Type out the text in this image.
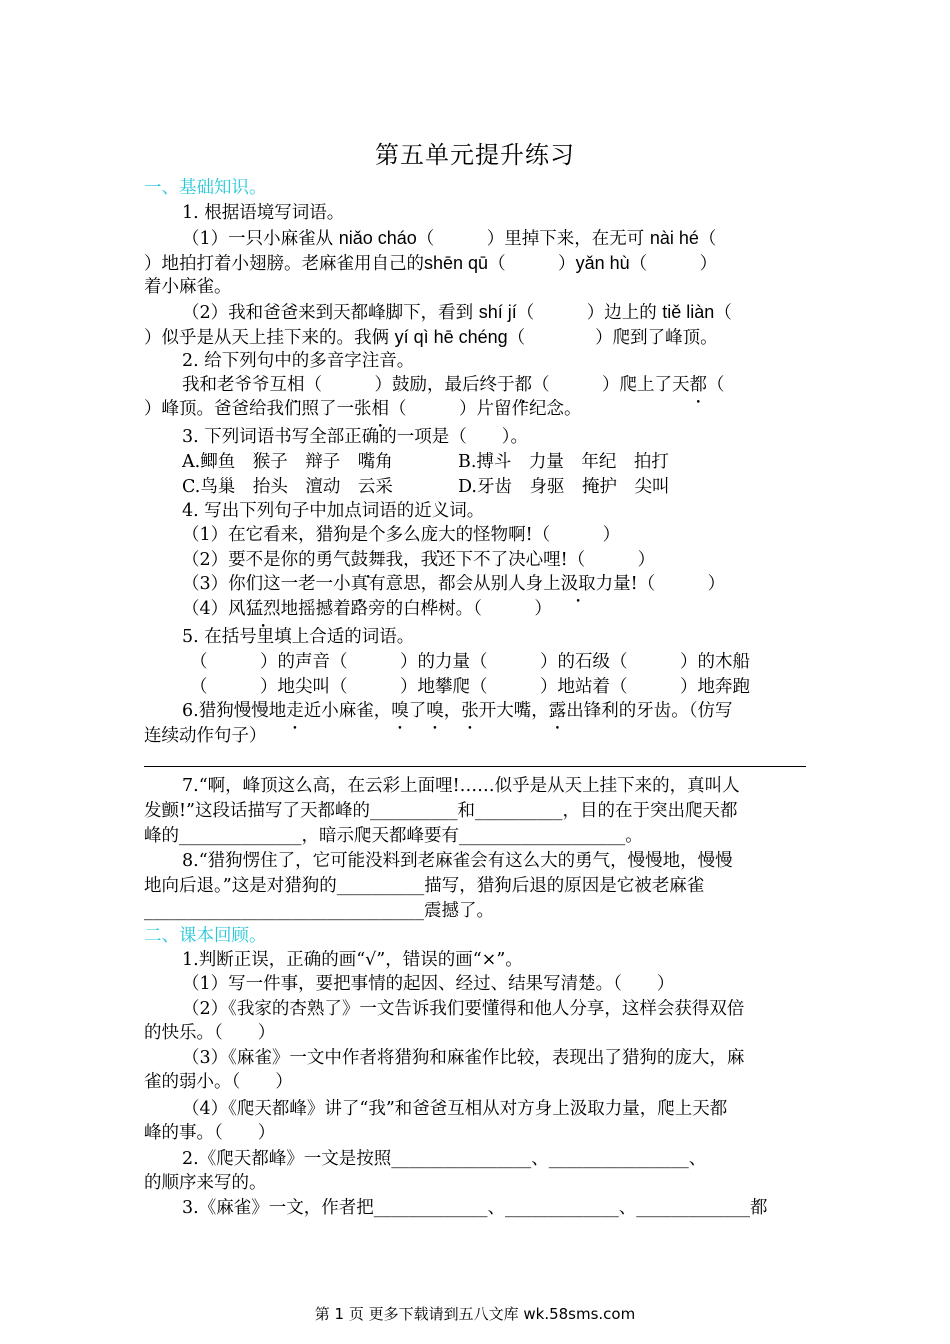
第五单元提升练习
一、基础知识。
1. 根据语境写词语。
（1）一只小麻雀从 niǎo cháo（　　　）里掉下来，在无可 nài hé（
）地拍打着小翅膀。老麻雀用自己的shēn qū（　　　）yǎn hù（　　　）
着小麻雀。
（2）我和爸爸来到天都峰脚下，看到 shí jí（　　　）边上的 tiě liàn（
）似乎是从天上挂下来的。我俩 yí qì hē chéng（　　　　）爬到了峰顶。
2. 给下列句中的多音字注音。
我和老爷爷互相（　　　）鼓励，最后终于都（　　　）爬上了天都（
）峰顶。爸爸给我们照了一张相（　　　）片留作纪念。
3. 下列词语书写全部正确的一项是（　　）。
A.鲫鱼　猴子　辩子　嘴角	B.搏斗　力量　年纪　拍打
C.鸟巢　抬头　澶动　云采	D.牙齿　身驱　掩护　尖叫
4. 写出下列句子中加点词语的近义词。
（1）在它看来，猎狗是个多么庞大的怪物啊!（　　　）
（2）要不是你的勇气鼓舞我，我还下不了决心哩!（　　　）
（3）你们这一老一小真有意思，都会从别人身上汲取力量!（　　　）
（4）风猛烈地摇撼着路旁的白桦树。（　　　）
5. 在括号里填上合适的词语。
（　　　）的声音（　　　）的力量（　　　）的石级（　　　）的木船
（　　　）地尖叫（　　　）地攀爬（　　　）地站着（　　　）地奔跑
6.猎狗慢慢地走近小麻雀，嗅了嗅，张开大嘴，露出锋利的牙齿。（仿写
连续动作句子）
7.“啊，峰顶这么高，在云彩上面哩!……似乎是从天上挂下来的，真叫人
发颤!”这段话描写了天都峰的__________和__________，目的在于突出爬天都
峰的______________，暗示爬天都峰要有___________________。
8.“猎狗愣住了，它可能没料到老麻雀会有这么大的勇气，慢慢地，慢慢
地向后退。”这是对猎狗的__________描写，猎狗后退的原因是它被老麻雀
________________________________震撼了。
二、课本回顾。
1.判断正误，正确的画“√”，错误的画“×”。
（1）写一件事，要把事情的起因、经过、结果写清楚。（　　）
（2）《我家的杏熟了》一文告诉我们要懂得和他人分享，这样会获得双倍
的快乐。（　　）
（3）《麻雀》一文中作者将猎狗和麻雀作比较，表现出了猎狗的庞大，麻
雀的弱小。（　　）
（4）《爬天都峰》讲了“我”和爸爸互相从对方身上汲取力量，爬上天都
峰的事。（　　）
2.《爬天都峰》一文是按照________________、________________、
的顺序来写的。
3.《麻雀》一文，作者把_____________、_____________、_____________都
第 1 页 更多下载请到五八文库 wk.58sms.com
